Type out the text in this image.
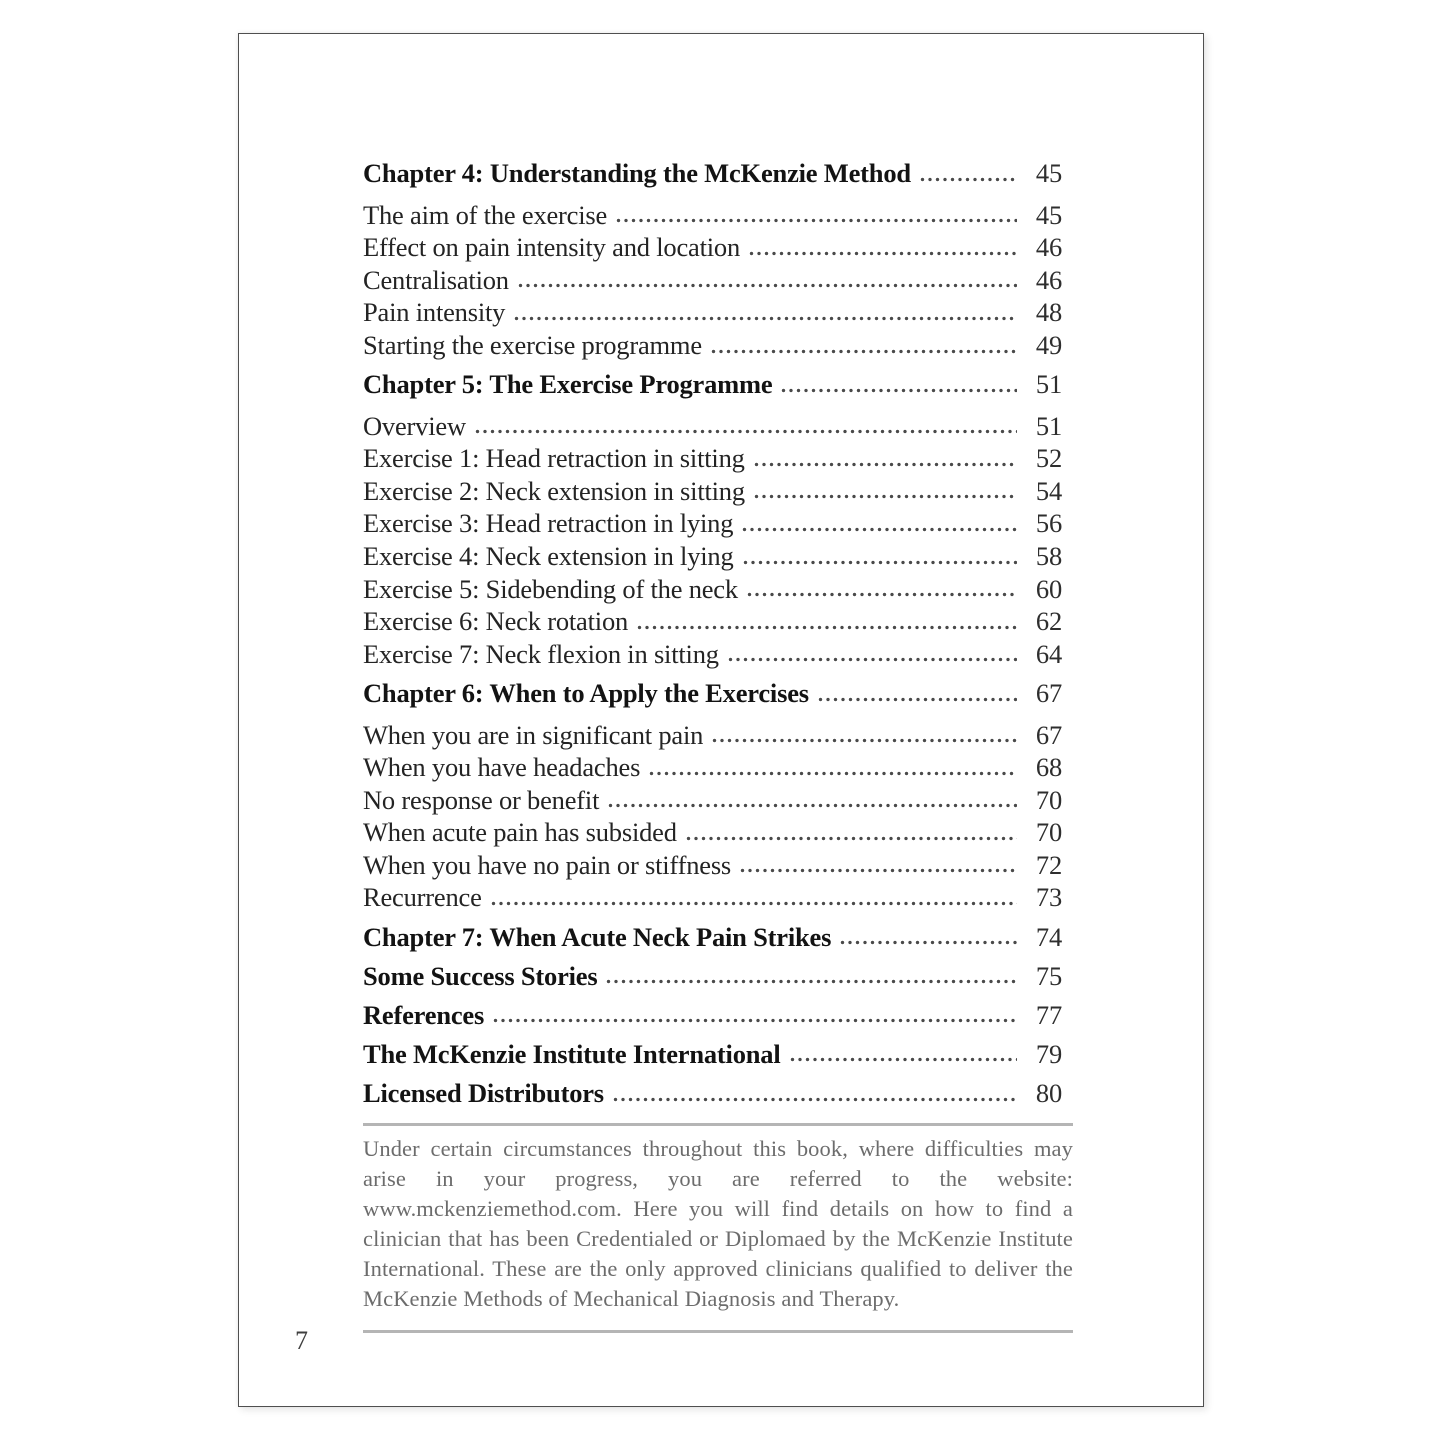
Chapter 4: Understanding the McKenzie Method	45
The aim of the exercise	45
Effect on pain intensity and location	46
Centralisation	46
Pain intensity	48
Starting the exercise programme	49
Chapter 5: The Exercise Programme	51
Overview	51
Exercise 1: Head retraction in sitting	52
Exercise 2: Neck extension in sitting	54
Exercise 3: Head retraction in lying	56
Exercise 4: Neck extension in lying	58
Exercise 5: Sidebending of the neck	60
Exercise 6: Neck rotation	62
Exercise 7: Neck flexion in sitting	64
Chapter 6: When to Apply the Exercises	67
When you are in significant pain	67
When you have headaches	68
No response or benefit	70
When acute pain has subsided	70
When you have no pain or stiffness	72
Recurrence	73
Chapter 7: When Acute Neck Pain Strikes	74
Some Success Stories	75
References	77
The McKenzie Institute International	79
Licensed Distributors	80

Under certain circumstances throughout this book, where difficulties may arise in your progress, you are referred to the website: www.mckenziemethod.com. Here you will find details on how to find a clinician that has been Credentialed or Diplomaed by the McKenzie Institute International. These are the only approved clinicians qualified to deliver the McKenzie Methods of Mechanical Diagnosis and Therapy.

7
